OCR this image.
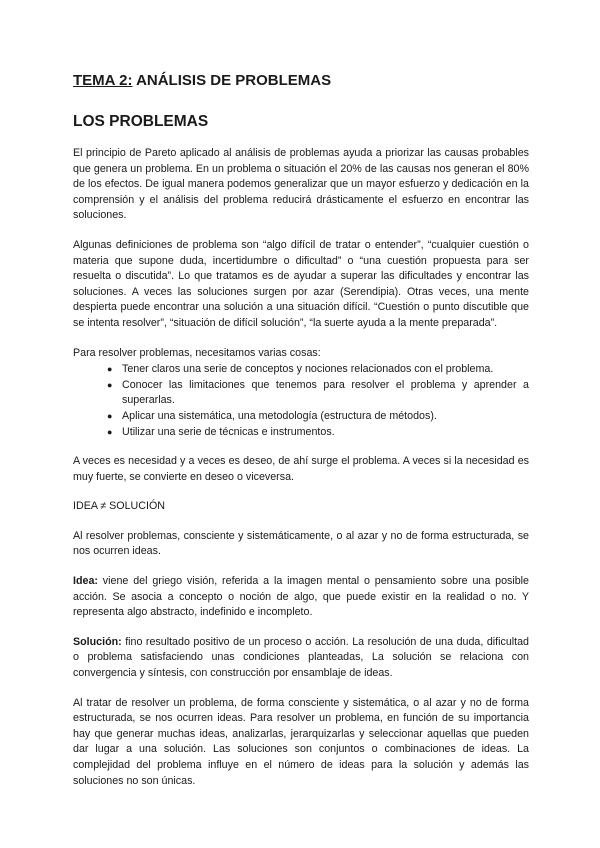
TEMA 2: ANÁLISIS DE PROBLEMAS
LOS PROBLEMAS

El principio de Pareto aplicado al análisis de problemas ayuda a priorizar las causas probables que genera un problema. En un problema o situación el 20% de las causas nos generan el 80% de los efectos. De igual manera podemos generalizar que un mayor esfuerzo y dedicación en la comprensión y el análisis del problema reducirá drásticamente el esfuerzo en encontrar las soluciones.

Algunas definiciones de problema son “algo difícil de tratar o entender”, “cualquier cuestión o materia que supone duda, incertidumbre o dificultad” o “una cuestión propuesta para ser resuelta o discutida”. Lo que tratamos es de ayudar a superar las dificultades y encontrar las soluciones. A veces las soluciones surgen por azar (Serendipia). Otras veces, una mente despierta puede encontrar una solución a una situación difícil. “Cuestión o punto discutible que se intenta resolver”, “situación de difícil solución”, “la suerte ayuda a la mente preparada”.

Para resolver problemas, necesitamos varias cosas:

● Tener claros una serie de conceptos y nociones relacionados con el problema.
● Conocer las limitaciones que tenemos para resolver el problema y aprender a superarlas.
● Aplicar una sistemática, una metodología (estructura de métodos).
● Utilizar una serie de técnicas e instrumentos.

A veces es necesidad y a veces es deseo, de ahí surge el problema. A veces si la necesidad es muy fuerte, se convierte en deseo o viceversa.

IDEA ≠ SOLUCIÓN

Al resolver problemas, consciente y sistemáticamente, o al azar y no de forma estructurada, se nos ocurren ideas.

Idea: viene del griego visión, referida a la imagen mental o pensamiento sobre una posible acción. Se asocia a concepto o noción de algo, que puede existir en la realidad o no. Y representa algo abstracto, indefinido e incompleto.

Solución: fino resultado positivo de un proceso o acción. La resolución de una duda, dificultad o problema satisfaciendo unas condiciones planteadas, La solución se relaciona con convergencia y síntesis, con construcción por ensamblaje de ideas.

Al tratar de resolver un problema, de forma consciente y sistemática, o al azar y no de forma estructurada, se nos ocurren ideas. Para resolver un problema, en función de su importancia hay que generar muchas ideas, analizarlas, jerarquizarlas y seleccionar aquellas que pueden dar lugar a una solución. Las soluciones son conjuntos o combinaciones de ideas. La complejidad del problema influye en el número de ideas para la solución y además las soluciones no son únicas.
